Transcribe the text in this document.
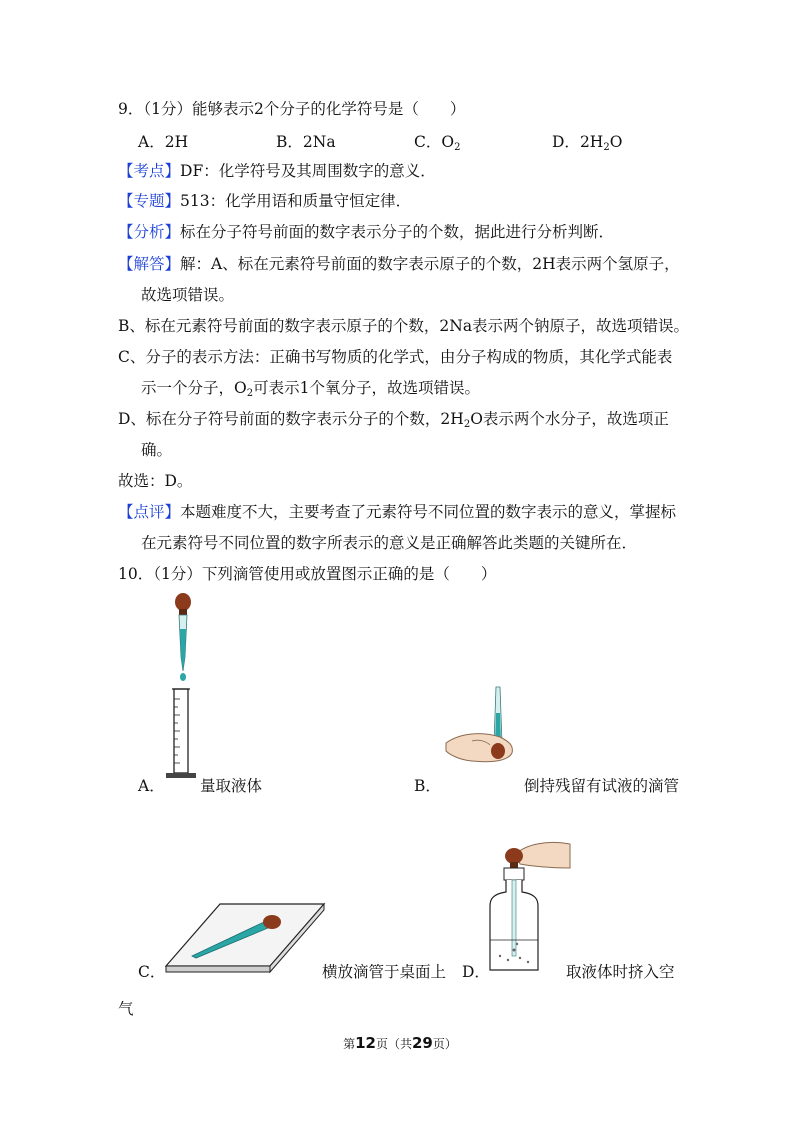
9．（1分）能够表示2个分子的化学符号是（　　）
A．2H	B．2Na	C．$O_2$	D．$2H_2O$
【考点】DF：化学符号及其周围数字的意义．
【专题】513：化学用语和质量守恒定律．
【分析】标在分子符号前面的数字表示分子的个数，据此进行分析判断．
【解答】解：A、标在元素符号前面的数字表示原子的个数，2H表示两个氢原子，
故选项错误。
B、标在元素符号前面的数字表示原子的个数，2Na表示两个钠原子，故选项错误。
C、分子的表示方法：正确书写物质的化学式，由分子构成的物质，其化学式能表
示一个分子，$O_2$可表示1个氧分子，故选项错误。
D、标在分子符号前面的数字表示分子的个数，$2H_2O$表示两个水分子，故选项正
确。
故选：D。
【点评】本题难度不大，主要考查了元素符号不同位置的数字表示的意义，掌握标
在元素符号不同位置的数字所表示的意义是正确解答此类题的关键所在．
10．（1分）下列滴管使用或放置图示正确的是（　　）
A． 量取液体	B．	倒持残留有试液的滴管
C．	横放滴管于桌面上 D．	取液体时挤入空
气
第12页（共29页）
